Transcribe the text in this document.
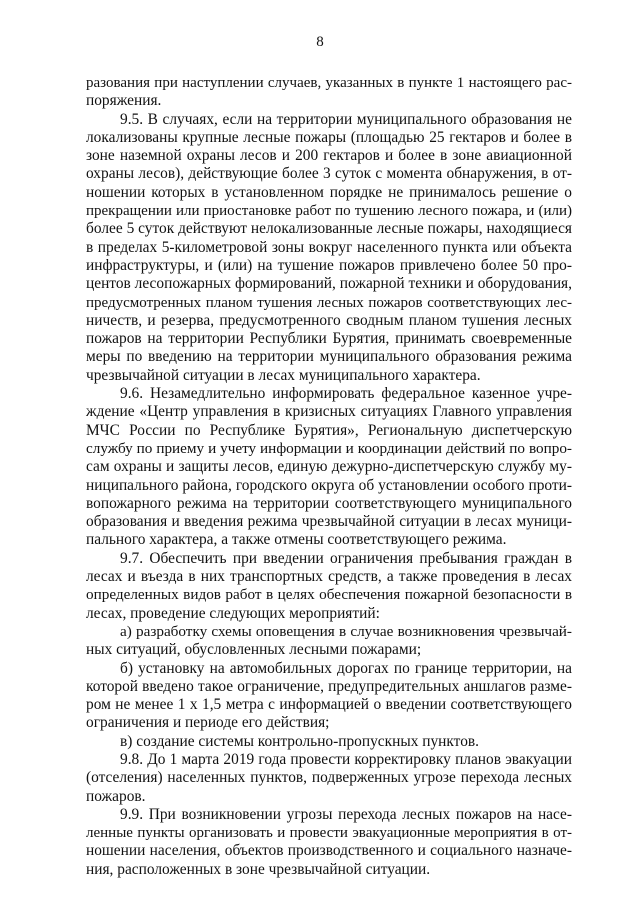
8
разования при наступлении случаев, указанных в пункте 1 настоящего рас-
поряжения.
9.5. В случаях, если на территории муниципального образования не
локализованы крупные лесные пожары (площадью 25 гектаров и более в
зоне наземной охраны лесов и 200 гектаров и более в зоне авиационной
охраны лесов), действующие более 3 суток с момента обнаружения, в от-
ношении которых в установленном порядке не принималось решение о
прекращении или приостановке работ по тушению лесного пожара, и (или)
более 5 суток действуют нелокализованные лесные пожары, находящиеся
в пределах 5-километровой зоны вокруг населенного пункта или объекта
инфраструктуры, и (или) на тушение пожаров привлечено более 50 про-
центов лесопожарных формирований, пожарной техники и оборудования,
предусмотренных планом тушения лесных пожаров соответствующих лес-
ничеств, и резерва, предусмотренного сводным планом тушения лесных
пожаров на территории Республики Бурятия, принимать своевременные
меры по введению на территории муниципального образования режима
чрезвычайной ситуации в лесах муниципального характера.
9.6. Незамедлительно информировать федеральное казенное учре-
ждение «Центр управления в кризисных ситуациях Главного управления
МЧС России по Республике Бурятия», Региональную диспетчерскую
службу по приему и учету информации и координации действий по вопро-
сам охраны и защиты лесов, единую дежурно-диспетчерскую службу му-
ниципального района, городского округа об установлении особого проти-
вопожарного режима на территории соответствующего муниципального
образования и введения режима чрезвычайной ситуации в лесах муници-
пального характера, а также отмены соответствующего режима.
9.7. Обеспечить при введении ограничения пребывания граждан в
лесах и въезда в них транспортных средств, а также проведения в лесах
определенных видов работ в целях обеспечения пожарной безопасности в
лесах, проведение следующих мероприятий:
а) разработку схемы оповещения в случае возникновения чрезвычай-
ных ситуаций, обусловленных лесными пожарами;
б) установку на автомобильных дорогах по границе территории, на
которой введено такое ограничение, предупредительных аншлагов разме-
ром не менее 1 х 1,5 метра с информацией о введении соответствующего
ограничения и периоде его действия;
в) создание системы контрольно-пропускных пунктов.
9.8. До 1 марта 2019 года провести корректировку планов эвакуации
(отселения) населенных пунктов, подверженных угрозе перехода лесных
пожаров.
9.9. При возникновении угрозы перехода лесных пожаров на насе-
ленные пункты организовать и провести эвакуационные мероприятия в от-
ношении населения, объектов производственного и социального назначе-
ния, расположенных в зоне чрезвычайной ситуации.
